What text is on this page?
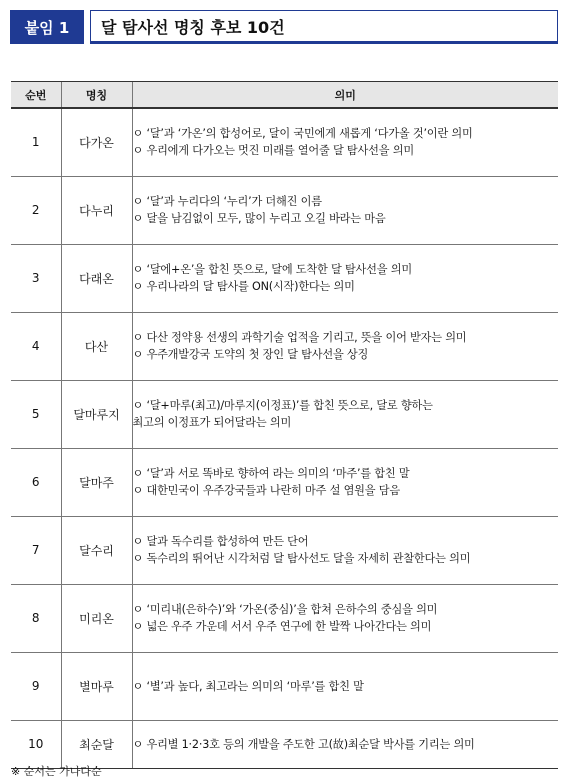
붙임 1	달 탐사선 명칭 후보 10건
순번	명칭	의미
1	다가온	ㅇ ‘달’과 ‘가온’의 합성어로, 달이 국민에게 새롭게 ‘다가올 것’이란 의미
ㅇ 우리에게 다가오는 멋진 미래를 열어줄 달 탐사선을 의미

2	다누리	ㅇ ‘달’과 누리다의 ‘누리’가 더해진 이름
ㅇ 달을 남김없이 모두, 많이 누리고 오길 바라는 마음

3	다래온	ㅇ ‘달에+온’을 합친 뜻으로, 달에 도착한 달 탐사선을 의미
ㅇ 우리나라의 달 탐사를 ON(시작)한다는 의미

4	다산	ㅇ 다산 정약용 선생의 과학기술 업적을 기리고, 뜻을 이어 받자는 의미
ㅇ 우주개발강국 도약의 첫 장인 달 탐사선을 상징

5	달마루지	ㅇ ‘달+마루(최고)/마루지(이정표)’를 합친 뜻으로, 달로 향하는
최고의 이정표가 되어달라는 의미

6	달마주	ㅇ ‘달’과 서로 똑바로 향하여 라는 의미의 ‘마주’를 합친 말
ㅇ 대한민국이 우주강국들과 나란히 마주 설 염원을 담음

7	달수리	ㅇ 달과 독수리를 합성하여 만든 단어
ㅇ 독수리의 뛰어난 시각처럼 달 탐사선도 달을 자세히 관찰한다는 의미

8	미리온	ㅇ ‘미리내(은하수)’와 ‘가온(중심)’을 합쳐 은하수의 중심을 의미
ㅇ 넓은 우주 가운데 서서 우주 연구에 한 발짝 나아간다는 의미

9	별마루	ㅇ ‘별’과 높다, 최고라는 의미의 ‘마루’를 합친 말

10	최순달	ㅇ 우리별 1·2·3호 등의 개발을 주도한 고(故)최순달 박사를 기리는 의미
※ 순서는 가나다순
